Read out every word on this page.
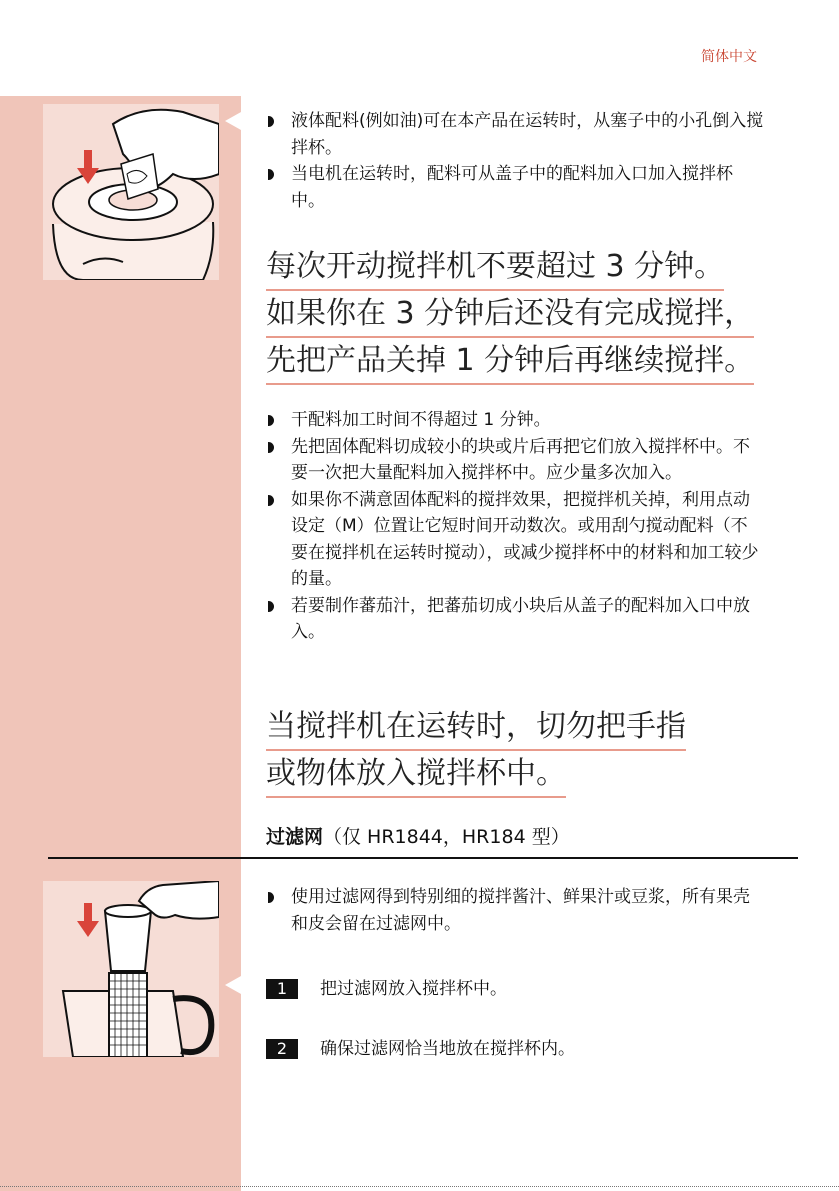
简体中文
液体配料(例如油)可在本产品在运转时，从塞子中的小孔倒入搅拌杯。
当电机在运转时，配料可从盖子中的配料加入口加入搅拌杯中。
每次开动搅拌机不要超过 3 分钟。
如果你在 3 分钟后还没有完成搅拌，
先把产品关掉 1 分钟后再继续搅拌。
干配料加工时间不得超过 1 分钟。
先把固体配料切成较小的块或片后再把它们放入搅拌杯中。不要一次把大量配料加入搅拌杯中。应少量多次加入。
如果你不满意固体配料的搅拌效果，把搅拌机关掉，利用点动设定（M）位置让它短时间开动数次。或用刮勺搅动配料（不要在搅拌机在运转时搅动），或减少搅拌杯中的材料和加工较少的量。
若要制作蕃茄汁，把蕃茄切成小块后从盖子的配料加入口中放入。
当搅拌机在运转时，切勿把手指
或物体放入搅拌杯中。
过滤网（仅 HR1844，HR184 型）
使用过滤网得到特别细的搅拌酱汁、鲜果汁或豆浆，所有果壳和皮会留在过滤网中。
1 把过滤网放入搅拌杯中。
2 确保过滤网恰当地放在搅拌杯内。
